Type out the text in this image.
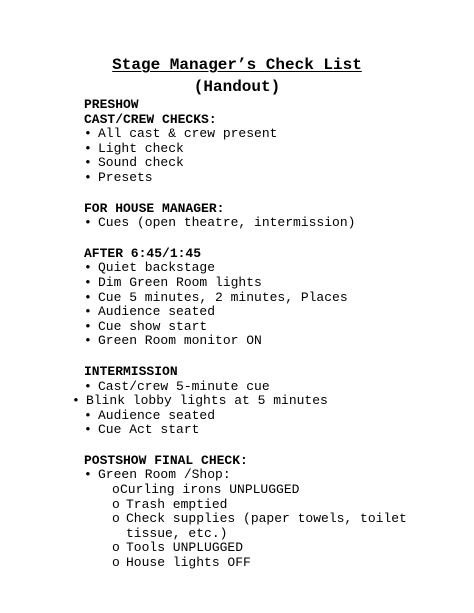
Stage Manager’s Check List
(Handout)

PRESHOW

CAST/CREW CHECKS:

• All cast & crew present
• Light check
• Sound check
• Presets

FOR HOUSE MANAGER:

• Cues (open theatre, intermission)

AFTER 6:45/1:45

• Quiet backstage
• Dim Green Room lights
• Cue 5 minutes, 2 minutes, Places
• Audience seated
• Cue show start
• Green Room monitor ON

INTERMISSION

• Cast/crew 5-minute cue
• Blink lobby lights at 5 minutes
• Audience seated
• Cue Act start

POSTSHOW FINAL CHECK:

• Green Room /Shop:
o Curling irons UNPLUGGED
o Trash emptied
o Check supplies (paper towels, toilet tissue, etc.)
o Tools UNPLUGGED
o House lights OFF
